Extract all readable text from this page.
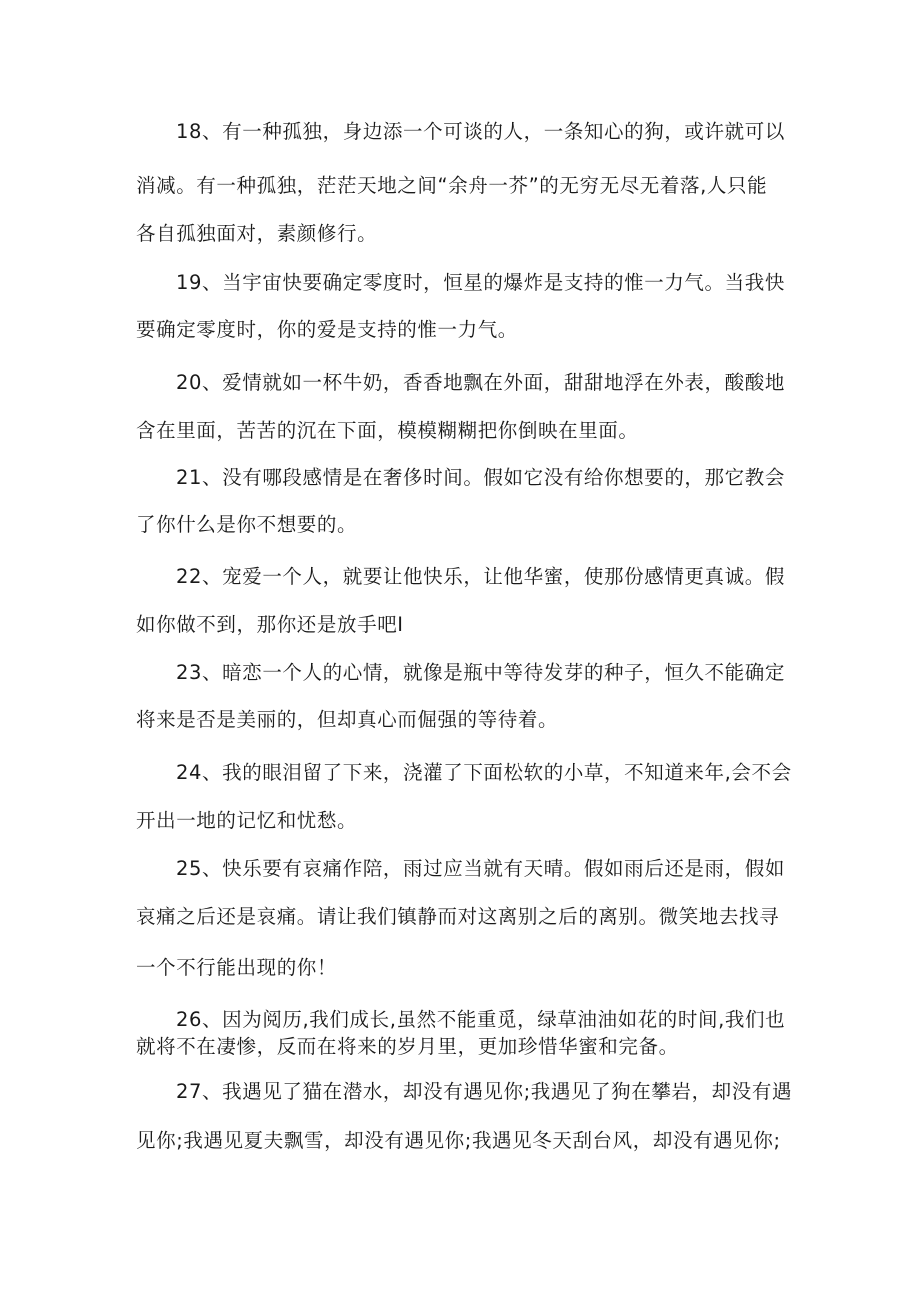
18、有一种孤独，身边添一个可谈的人，一条知心的狗，或许就可以
消减。有一种孤独，茫茫天地之间“余舟一芥”的无穷无尽无着落,人只能
各自孤独面对，素颜修行。
19、当宇宙快要确定零度时，恒星的爆炸是支持的惟一力气。当我快
要确定零度时，你的爱是支持的惟一力气。
20、爱情就如一杯牛奶，香香地飘在外面，甜甜地浮在外表，酸酸地
含在里面，苦苦的沉在下面，模模糊糊把你倒映在里面。
21、没有哪段感情是在奢侈时间。假如它没有给你想要的，那它教会
了你什么是你不想要的。
22、宠爱一个人，就要让他快乐，让他华蜜，使那份感情更真诚。假
如你做不到，那你还是放手吧I
23、暗恋一个人的心情，就像是瓶中等待发芽的种子，恒久不能确定
将来是否是美丽的，但却真心而倔强的等待着。
24、我的眼泪留了下来，浇灌了下面松软的小草，不知道来年,会不会
开出一地的记忆和忧愁。
25、快乐要有哀痛作陪，雨过应当就有天晴。假如雨后还是雨，假如
哀痛之后还是哀痛。请让我们镇静而对这离别之后的离别。微笑地去找寻
一个不行能出现的你！
26、因为阅历,我们成长,虽然不能重觅，绿草油油如花的时间,我们也
就将不在凄惨，反而在将来的岁月里，更加珍惜华蜜和完备。
27、我遇见了猫在潜水，却没有遇见你;我遇见了狗在攀岩，却没有遇
见你;我遇见夏夫飘雪，却没有遇见你;我遇见冬天刮台风，却没有遇见你;
